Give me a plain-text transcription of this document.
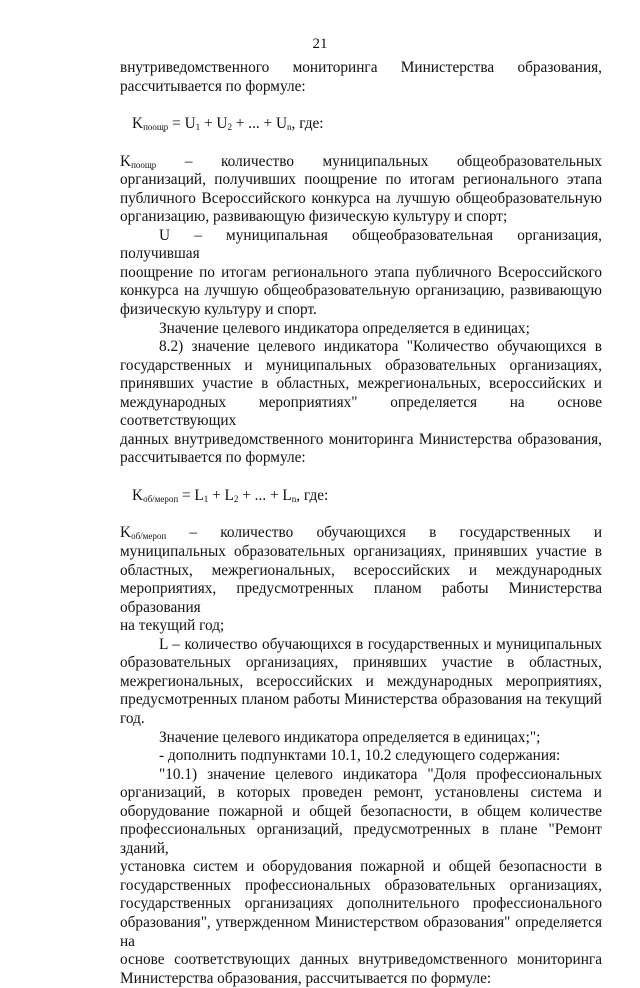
21
внутриведомственного мониторинга Министерства образования,
рассчитывается по формуле:
$K_{поощр} = U_1 + U_2$ + ... + $U_n$, где:
$K_{поощр}$ – количество муниципальных общеобразовательных
организаций, получивших поощрение по итогам регионального этапа
публичного Всероссийского конкурса на лучшую общеобразовательную
организацию, развивающую физическую культуру и спорт;
U – муниципальная общеобразовательная организация, получившая
поощрение по итогам регионального этапа публичного Всероссийского
конкурса на лучшую общеобразовательную организацию, развивающую
физическую культуру и спорт.
Значение целевого индикатора определяется в единицах;
8.2) значение целевого индикатора "Количество обучающихся в
государственных и муниципальных образовательных организациях,
принявших участие в областных, межрегиональных, всероссийских и
международных мероприятиях" определяется на основе соответствующих
данных внутриведомственного мониторинга Министерства образования,
рассчитывается по формуле:
$K_{об/мероп} = L_1 + L_2$ + ... + $L_n$, где:
$K_{об/мероп}$ – количество обучающихся в государственных и
муниципальных образовательных организациях, принявших участие в
областных, межрегиональных, всероссийских и международных
мероприятиях, предусмотренных планом работы Министерства образования
на текущий год;
L – количество обучающихся в государственных и муниципальных
образовательных организациях, принявших участие в областных,
межрегиональных, всероссийских и международных мероприятиях,
предусмотренных планом работы Министерства образования на текущий
год.
Значение целевого индикатора определяется в единицах;";
- дополнить подпунктами 10.1, 10.2 следующего содержания:
"10.1) значение целевого индикатора "Доля профессиональных
организаций, в которых проведен ремонт, установлены система и
оборудование пожарной и общей безопасности, в общем количестве
профессиональных организаций, предусмотренных в плане "Ремонт зданий,
установка систем и оборудования пожарной и общей безопасности в
государственных профессиональных образовательных организациях,
государственных организациях дополнительного профессионального
образования", утвержденном Министерством образования" определяется на
основе соответствующих данных внутриведомственного мониторинга
Министерства образования, рассчитывается по формуле:
